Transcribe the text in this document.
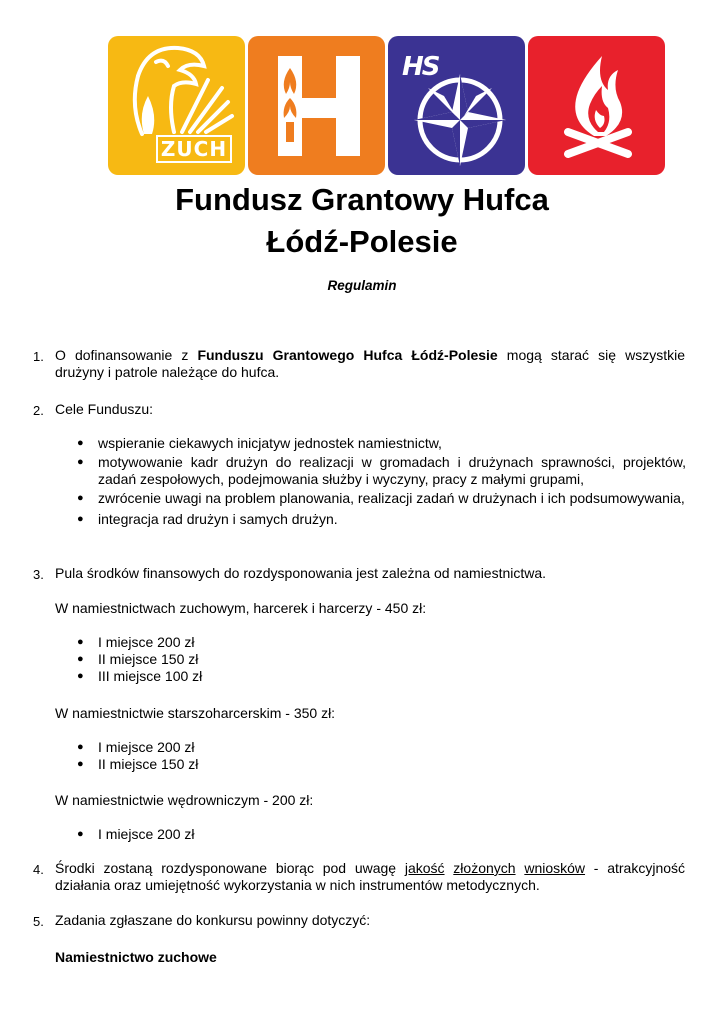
ZUCH
HS
Fundusz Grantowy Hufca
Łódź-Polesie
Regulamin
1. O dofinansowanie z Funduszu Grantowego Hufca Łódź-Polesie mogą starać się wszystkie drużyny i patrole należące do hufca.
2. Cele Funduszu:
● wspieranie ciekawych inicjatyw jednostek namiestnictw,
● motywowanie kadr drużyn do realizacji w gromadach i drużynach sprawności, projektów, zadań zespołowych, podejmowania służby i wyczyny, pracy z małymi grupami,
● zwrócenie uwagi na problem planowania, realizacji zadań w drużynach i ich podsumowywania,
● integracja rad drużyn i samych drużyn.
3. Pula środków finansowych do rozdysponowania jest zależna od namiestnictwa.
W namiestnictwach zuchowym, harcerek i harcerzy - 450 zł:
● I miejsce 200 zł
● II miejsce 150 zł
● III miejsce 100 zł
W namiestnictwie starszoharcerskim - 350 zł:
● I miejsce 200 zł
● II miejsce 150 zł
W namiestnictwie wędrowniczym - 200 zł:
● I miejsce 200 zł
4. Środki zostaną rozdysponowane biorąc pod uwagę jakość złożonych wniosków - atrakcyjność działania oraz umiejętność wykorzystania w nich instrumentów metodycznych.
5. Zadania zgłaszane do konkursu powinny dotyczyć:
Namiestnictwo zuchowe
